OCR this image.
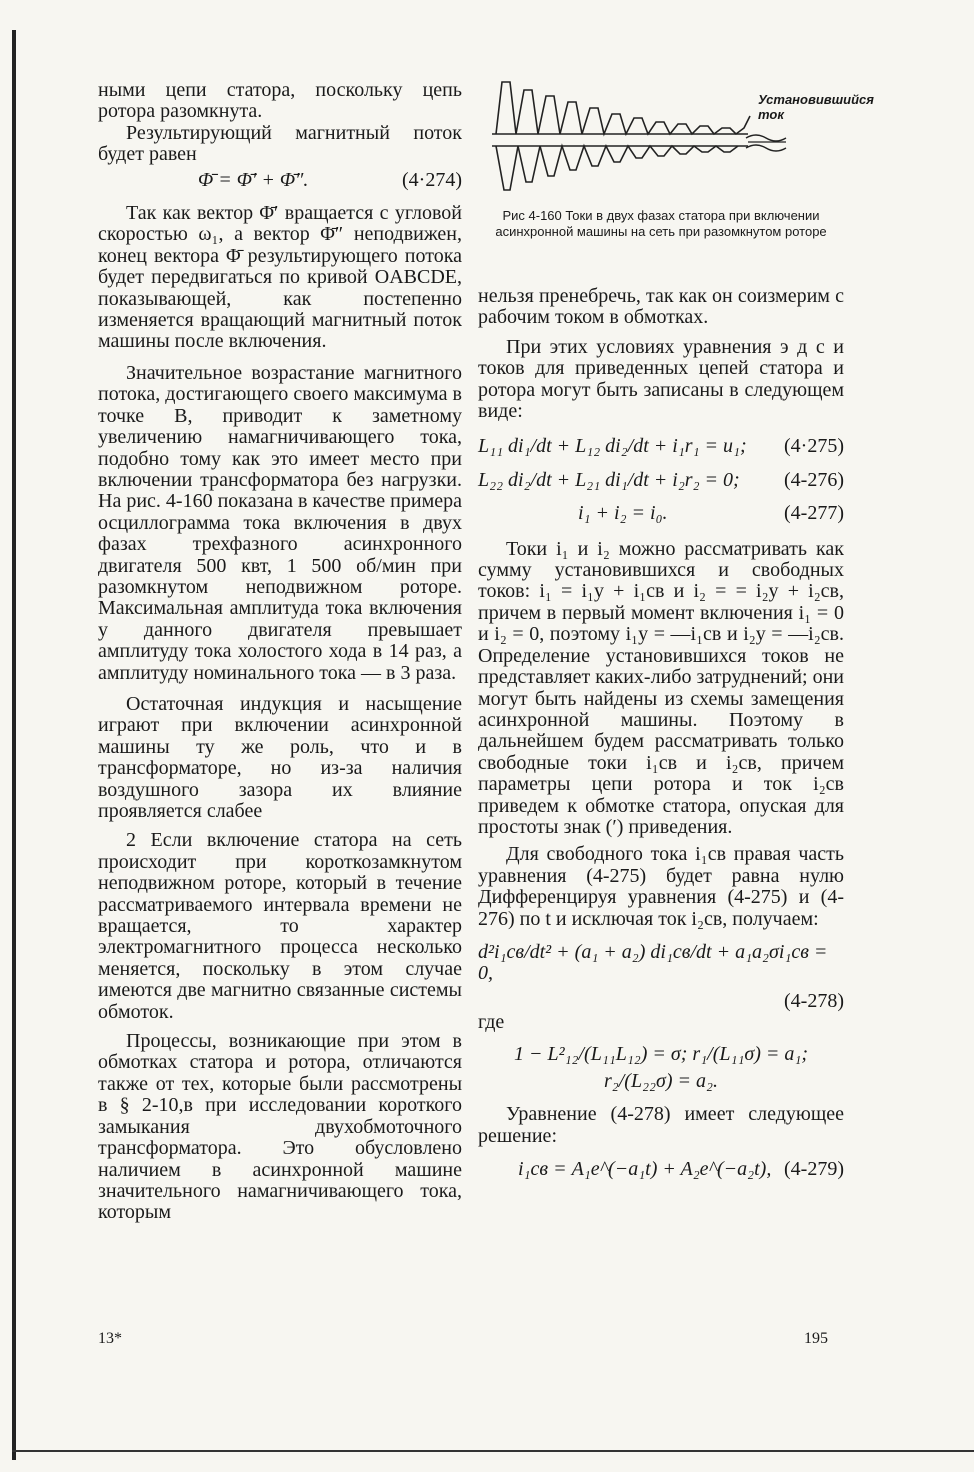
ными цепи статора, поскольку цепь ротора разомкнута.

Результирующий магнитный поток будет равен

Φ̄ = Φ̄′ + Φ̄″.	(4·274)

Так как вектор Φ̄′ вращается с угловой скоростью ω₁, а вектор Φ̄″ неподвижен, конец вектора Φ̄ результирующего потока будет передвигаться по кривой OABCDE, показывающей, как постепенно изменяется вращающий магнитный поток машины после включения.

Значительное возрастание магнитного потока, достигающего своего максимума в точке B, приводит к заметному увеличению намагничивающего тока, подобно тому как это имеет место при включении трансформатора без нагрузки. На рис. 4-160 показана в качестве примера осциллограмма тока включения в двух фазах трехфазного асинхронного двигателя 500 квт, 1 500 об/мин при разомкнутом неподвижном роторе. Максимальная амплитуда тока включения у данного двигателя превышает амплитуду тока холостого хода в 14 раз, а амплитуду номинального тока — в 3 раза.

Остаточная индукция и насыщение играют при включении асинхронной машины ту же роль, что и в трансформаторе, но из-за наличия воздушного зазора их влияние проявляется слабее

2 Если включение статора на сеть происходит при короткозамкнутом неподвижном роторе, который в течение рассматриваемого интервала времени не вращается, то характер электромагнитного процесса несколько меняется, поскольку в этом случае имеются две магнитно связанные системы обмоток.

Процессы, возникающие при этом в обмотках статора и ротора, отличаются также от тех, которые были рассмотрены в § 2-10,в при исследовании короткого замыкания двухобмоточного трансформатора. Это обусловлено наличием в асинхронной машине значительного намагничивающего тока, которым

Установившийся ток
Рис 4-160 Токи в двух фазах статора при включении асинхронной машины на сеть при разомкнутом роторе

нельзя пренебречь, так как он соизмерим с рабочим током в обмотках.

При этих условиях уравнения э д с и токов для приведенных цепей статора и ротора могут быть записаны в следующем виде:

L₁₁ di₁/dt + L₁₂ di₂/dt + i₁r₁ = u₁; (4·275)
L₂₂ di₂/dt + L₂₁ di₁/dt + i₂r₂ = 0; (4-276)
i₁ + i₂ = i₀.	(4-277)

Токи i₁ и i₂ можно рассматривать как сумму установившихся и свободных токов: i₁ = i₁у + i₁св и i₂ = = i₂у + i₂св, причем в первый момент включения i₁ = 0 и i₂ = 0, поэтому i₁у = —i₁св и i₂у = —i₂св. Определение установившихся токов не представляет каких-либо затруднений; они могут быть найдены из схемы замещения асинхронной машины. Поэтому в дальнейшем будем рассматривать только свободные токи i₁св и i₂св, причем параметры цепи ротора и ток i₂св приведем к обмотке статора, опуская для простоты знак (′) приведения.

Для свободного тока i₁св правая часть уравнения (4-275) будет равна нулю Дифференцируя уравнения (4-275) и (4-276) по t и исключая ток i₂св, получаем:

d²i₁св/dt² + (a₁ + a₂) di₁св/dt + a₁a₂σi₁св = 0,
(4-278)

где

1 − L²₁₂/(L₁₁L₁₂) = σ; r₁/(L₁₁σ) = a₁;
r₂/(L₂₂σ) = a₂.

Уравнение (4-278) имеет следующее решение:

i₁св = A₁e^(−a₁t) + A₂e^(−a₂t), (4-279)
13*	195
